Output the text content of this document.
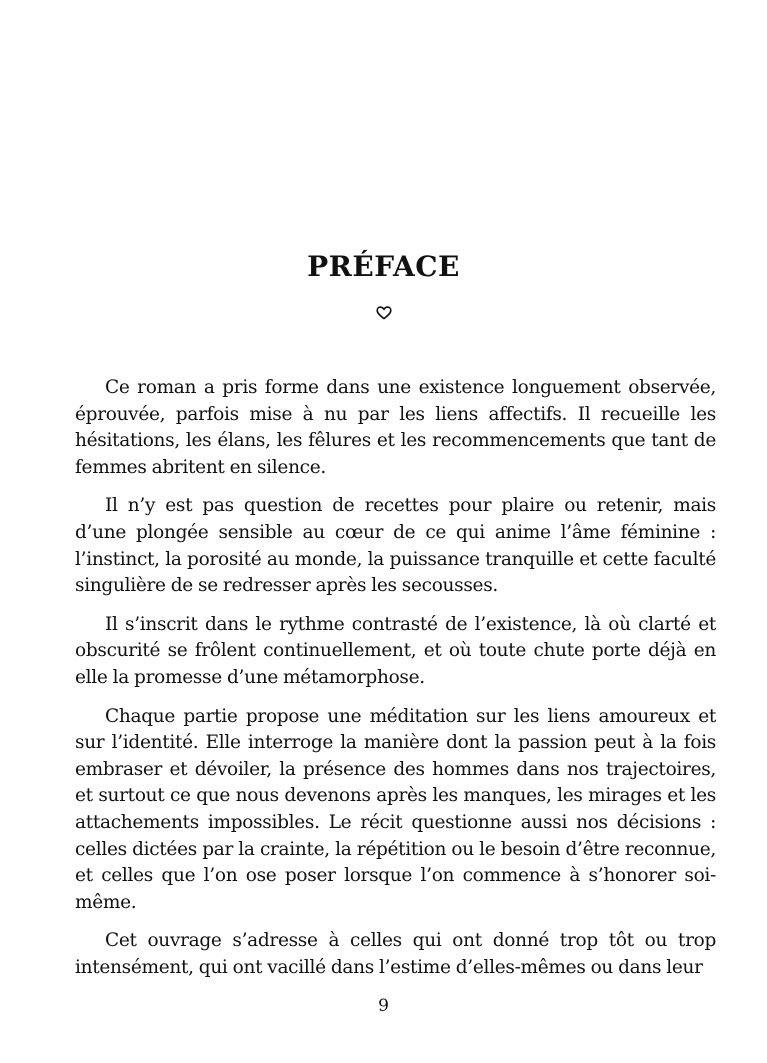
PRÉFACE

Ce roman a pris forme dans une existence longuement observée, éprouvée, parfois mise à nu par les liens affectifs. Il recueille les hésitations, les élans, les fêlures et les recommencements que tant de femmes abritent en silence.

Il n’y est pas question de recettes pour plaire ou retenir, mais d’une plongée sensible au cœur de ce qui anime l’âme féminine : l’instinct, la porosité au monde, la puissance tranquille et cette faculté singulière de se redresser après les secousses.

Il s’inscrit dans le rythme contrasté de l’existence, là où clarté et obscurité se frôlent continuellement, et où toute chute porte déjà en elle la promesse d’une métamorphose.

Chaque partie propose une méditation sur les liens amoureux et sur l’identité. Elle interroge la manière dont la passion peut à la fois embraser et dévoiler, la présence des hommes dans nos trajectoires, et surtout ce que nous devenons après les manques, les mirages et les attachements impossibles. Le récit questionne aussi nos décisions : celles dictées par la crainte, la répétition ou le besoin d’être reconnue, et celles que l’on ose poser lorsque l’on commence à s’honorer soi-même.

Cet ouvrage s’adresse à celles qui ont donné trop tôt ou trop intensément, qui ont vacillé dans l’estime d’elles-mêmes ou dans leur

9
